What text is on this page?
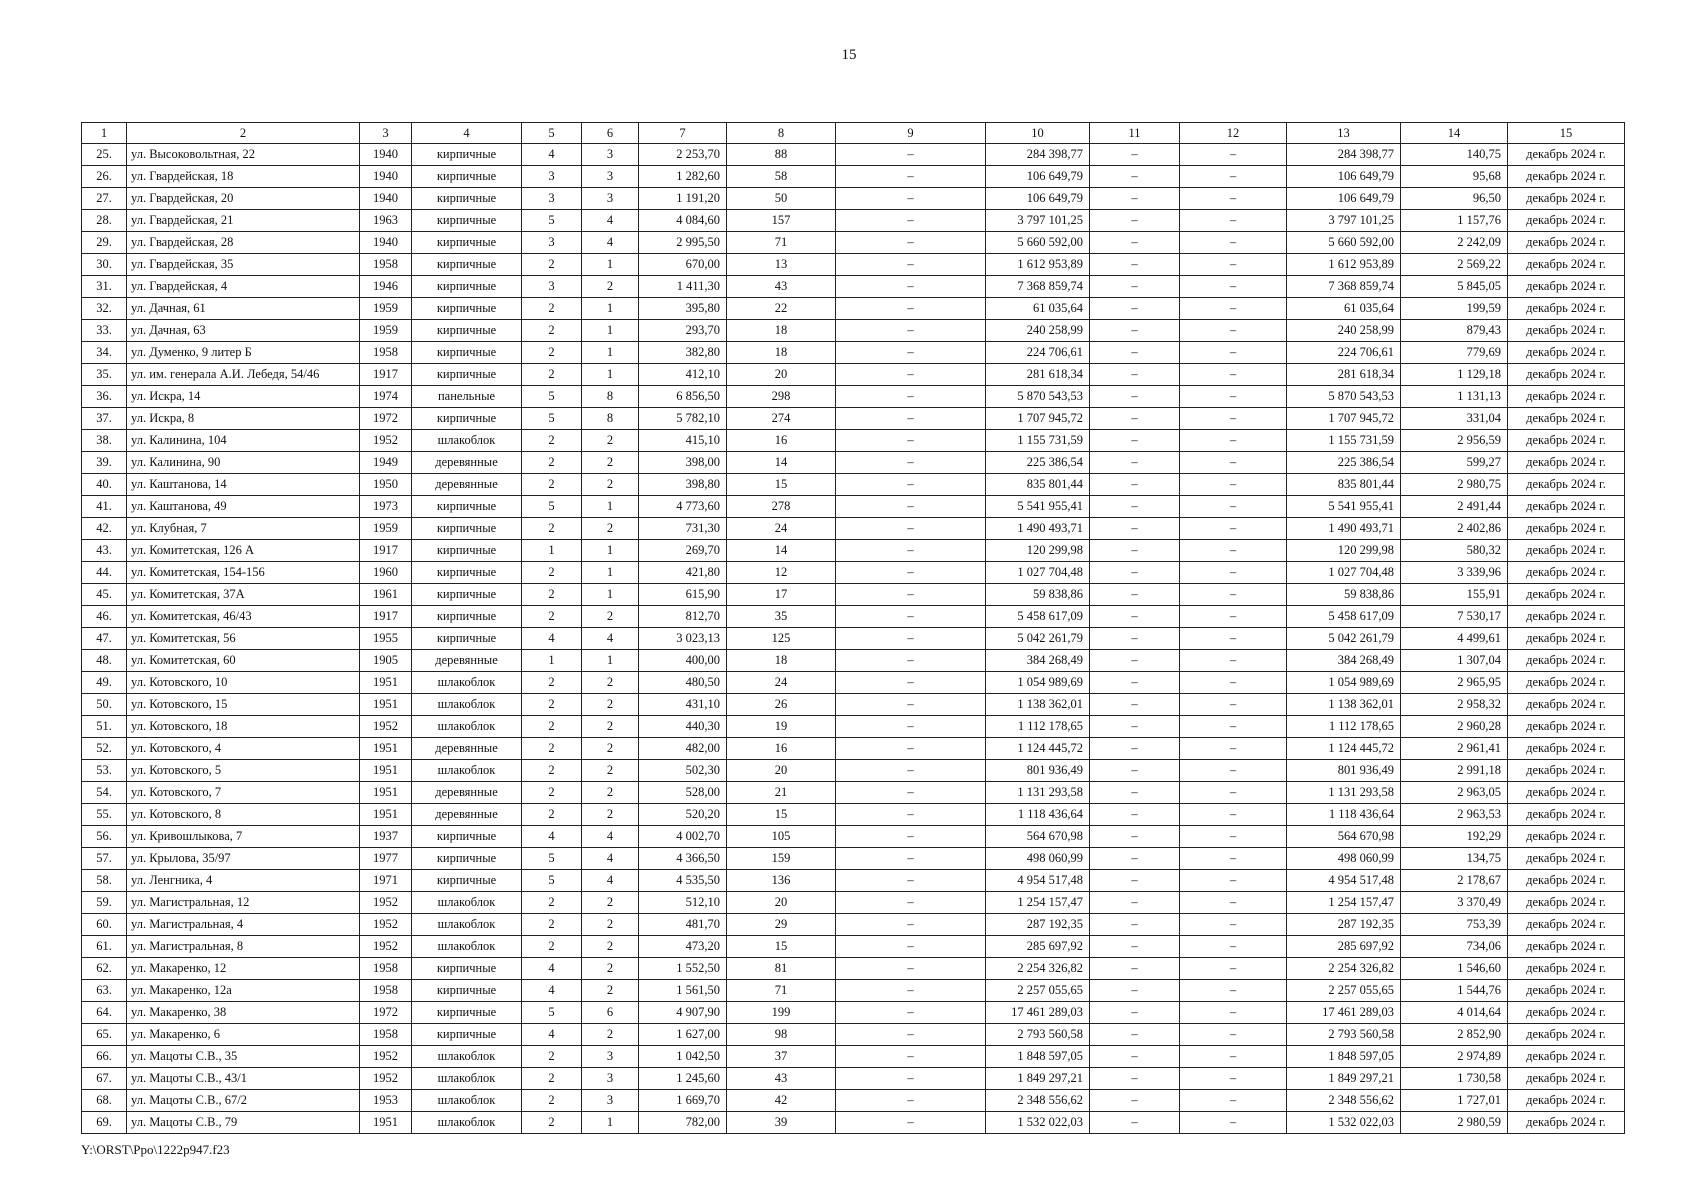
15
1	2	3	4	5	6	7	8	9	10	11	12	13	14	15
25.	ул. Высоковольтная, 22	1940	кирпичные	4	3	2 253,70	88	–	284 398,77	–	–	284 398,77	140,75	декабрь 2024 г.
26.	ул. Гвардейская, 18	1940	кирпичные	3	3	1 282,60	58	–	106 649,79	–	–	106 649,79	95,68	декабрь 2024 г.
27.	ул. Гвардейская, 20	1940	кирпичные	3	3	1 191,20	50	–	106 649,79	–	–	106 649,79	96,50	декабрь 2024 г.
28.	ул. Гвардейская, 21	1963	кирпичные	5	4	4 084,60	157	–	3 797 101,25	–	–	3 797 101,25	1 157,76	декабрь 2024 г.
29.	ул. Гвардейская, 28	1940	кирпичные	3	4	2 995,50	71	–	5 660 592,00	–	–	5 660 592,00	2 242,09	декабрь 2024 г.
30.	ул. Гвардейская, 35	1958	кирпичные	2	1	670,00	13	–	1 612 953,89	–	–	1 612 953,89	2 569,22	декабрь 2024 г.
31.	ул. Гвардейская, 4	1946	кирпичные	3	2	1 411,30	43	–	7 368 859,74	–	–	7 368 859,74	5 845,05	декабрь 2024 г.
32.	ул. Дачная, 61	1959	кирпичные	2	1	395,80	22	–	61 035,64	–	–	61 035,64	199,59	декабрь 2024 г.
33.	ул. Дачная, 63	1959	кирпичные	2	1	293,70	18	–	240 258,99	–	–	240 258,99	879,43	декабрь 2024 г.
34.	ул. Думенко, 9 литер Б	1958	кирпичные	2	1	382,80	18	–	224 706,61	–	–	224 706,61	779,69	декабрь 2024 г.
35.	ул. им. генерала А.И. Лебедя, 54/46	1917	кирпичные	2	1	412,10	20	–	281 618,34	–	–	281 618,34	1 129,18	декабрь 2024 г.
36.	ул. Искра, 14	1974	панельные	5	8	6 856,50	298	–	5 870 543,53	–	–	5 870 543,53	1 131,13	декабрь 2024 г.
37.	ул. Искра, 8	1972	кирпичные	5	8	5 782,10	274	–	1 707 945,72	–	–	1 707 945,72	331,04	декабрь 2024 г.
38.	ул. Калинина, 104	1952	шлакоблок	2	2	415,10	16	–	1 155 731,59	–	–	1 155 731,59	2 956,59	декабрь 2024 г.
39.	ул. Калинина, 90	1949	деревянные	2	2	398,00	14	–	225 386,54	–	–	225 386,54	599,27	декабрь 2024 г.
40.	ул. Каштанова, 14	1950	деревянные	2	2	398,80	15	–	835 801,44	–	–	835 801,44	2 980,75	декабрь 2024 г.
41.	ул. Каштанова, 49	1973	кирпичные	5	1	4 773,60	278	–	5 541 955,41	–	–	5 541 955,41	2 491,44	декабрь 2024 г.
42.	ул. Клубная, 7	1959	кирпичные	2	2	731,30	24	–	1 490 493,71	–	–	1 490 493,71	2 402,86	декабрь 2024 г.
43.	ул. Комитетская, 126 А	1917	кирпичные	1	1	269,70	14	–	120 299,98	–	–	120 299,98	580,32	декабрь 2024 г.
44.	ул. Комитетская, 154-156	1960	кирпичные	2	1	421,80	12	–	1 027 704,48	–	–	1 027 704,48	3 339,96	декабрь 2024 г.
45.	ул. Комитетская, 37А	1961	кирпичные	2	1	615,90	17	–	59 838,86	–	–	59 838,86	155,91	декабрь 2024 г.
46.	ул. Комитетская, 46/43	1917	кирпичные	2	2	812,70	35	–	5 458 617,09	–	–	5 458 617,09	7 530,17	декабрь 2024 г.
47.	ул. Комитетская, 56	1955	кирпичные	4	4	3 023,13	125	–	5 042 261,79	–	–	5 042 261,79	4 499,61	декабрь 2024 г.
48.	ул. Комитетская, 60	1905	деревянные	1	1	400,00	18	–	384 268,49	–	–	384 268,49	1 307,04	декабрь 2024 г.
49.	ул. Котовского, 10	1951	шлакоблок	2	2	480,50	24	–	1 054 989,69	–	–	1 054 989,69	2 965,95	декабрь 2024 г.
50.	ул. Котовского, 15	1951	шлакоблок	2	2	431,10	26	–	1 138 362,01	–	–	1 138 362,01	2 958,32	декабрь 2024 г.
51.	ул. Котовского, 18	1952	шлакоблок	2	2	440,30	19	–	1 112 178,65	–	–	1 112 178,65	2 960,28	декабрь 2024 г.
52.	ул. Котовского, 4	1951	деревянные	2	2	482,00	16	–	1 124 445,72	–	–	1 124 445,72	2 961,41	декабрь 2024 г.
53.	ул. Котовского, 5	1951	шлакоблок	2	2	502,30	20	–	801 936,49	–	–	801 936,49	2 991,18	декабрь 2024 г.
54.	ул. Котовского, 7	1951	деревянные	2	2	528,00	21	–	1 131 293,58	–	–	1 131 293,58	2 963,05	декабрь 2024 г.
55.	ул. Котовского, 8	1951	деревянные	2	2	520,20	15	–	1 118 436,64	–	–	1 118 436,64	2 963,53	декабрь 2024 г.
56.	ул. Кривошлыкова, 7	1937	кирпичные	4	4	4 002,70	105	–	564 670,98	–	–	564 670,98	192,29	декабрь 2024 г.
57.	ул. Крылова, 35/97	1977	кирпичные	5	4	4 366,50	159	–	498 060,99	–	–	498 060,99	134,75	декабрь 2024 г.
58.	ул. Ленгника, 4	1971	кирпичные	5	4	4 535,50	136	–	4 954 517,48	–	–	4 954 517,48	2 178,67	декабрь 2024 г.
59.	ул. Магистральная, 12	1952	шлакоблок	2	2	512,10	20	–	1 254 157,47	–	–	1 254 157,47	3 370,49	декабрь 2024 г.
60.	ул. Магистральная, 4	1952	шлакоблок	2	2	481,70	29	–	287 192,35	–	–	287 192,35	753,39	декабрь 2024 г.
61.	ул. Магистральная, 8	1952	шлакоблок	2	2	473,20	15	–	285 697,92	–	–	285 697,92	734,06	декабрь 2024 г.
62.	ул. Макаренко, 12	1958	кирпичные	4	2	1 552,50	81	–	2 254 326,82	–	–	2 254 326,82	1 546,60	декабрь 2024 г.
63.	ул. Макаренко, 12а	1958	кирпичные	4	2	1 561,50	71	–	2 257 055,65	–	–	2 257 055,65	1 544,76	декабрь 2024 г.
64.	ул. Макаренко, 38	1972	кирпичные	5	6	4 907,90	199	–	17 461 289,03	–	–	17 461 289,03	4 014,64	декабрь 2024 г.
65.	ул. Макаренко, 6	1958	кирпичные	4	2	1 627,00	98	–	2 793 560,58	–	–	2 793 560,58	2 852,90	декабрь 2024 г.
66.	ул. Мацоты С.В., 35	1952	шлакоблок	2	3	1 042,50	37	–	1 848 597,05	–	–	1 848 597,05	2 974,89	декабрь 2024 г.
67.	ул. Мацоты С.В., 43/1	1952	шлакоблок	2	3	1 245,60	43	–	1 849 297,21	–	–	1 849 297,21	1 730,58	декабрь 2024 г.
68.	ул. Мацоты С.В., 67/2	1953	шлакоблок	2	3	1 669,70	42	–	2 348 556,62	–	–	2 348 556,62	1 727,01	декабрь 2024 г.
69.	ул. Мацоты С.В., 79	1951	шлакоблок	2	1	782,00	39	–	1 532 022,03	–	–	1 532 022,03	2 980,59	декабрь 2024 г.
Y:\ORST\Ppo\1222p947.f23
